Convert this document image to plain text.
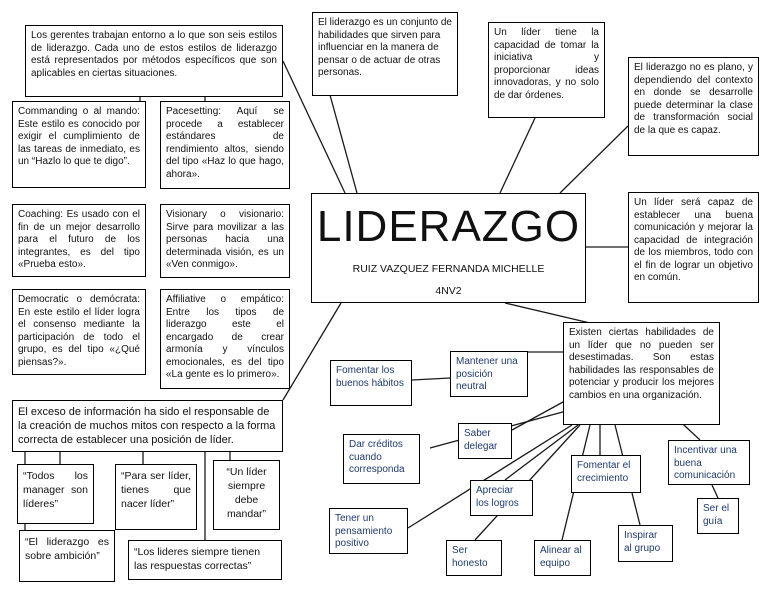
LIDERAZGO
RUIZ VAZQUEZ FERNANDA MICHELLE
4NV2
Los gerentes trabajan entorno a lo que son seis estilos de liderazgo. Cada uno de estos estilos de liderazgo está representados por métodos específicos que son aplicables en ciertas situaciones.
El liderazgo es un conjunto de habilidades que sirven para influenciar en la manera de pensar o de actuar de otras personas.
Un líder tiene la capacidad de tomar la iniciativa y proporcionar ideas innovadoras, y no solo de dar órdenes.
El liderazgo no es plano, y dependiendo del contexto en donde se desarrolle puede determinar la clase de transformación social de la que es capaz.
Un líder será capaz de establecer una buena comunicación y mejorar la capacidad de integración de los miembros, todo con el fin de lograr un objetivo en común.
Commanding o al mando: Este estilo es conocido por exigir el cumplimiento de las tareas de inmediato, es un “Hazlo lo que te digo”.
Pacesetting: Aquí se procede a establecer estándares de rendimiento altos, siendo del tipo «Haz lo que hago, ahora».
Coaching: Es usado con el fin de un mejor desarrollo para el futuro de los integrantes, es del tipo «Prueba esto».
Visionary o visionario: Sirve para movilizar a las personas hacia una determinada visión, es un «Ven conmigo».
Democratic o demócrata: En este estilo el líder logra el consenso mediante la participación de todo el grupo, es del tipo «¿Qué piensas?».
Affiliative o empático: Entre los tipos de liderazgo este el encargado de crear armonía y vínculos emocionales, es del tipo «La gente es lo primero».
El exceso de información ha sido el responsable de la creación de muchos mitos con respecto a la forma correcta de establecer una posición de líder.
“Todos los manager son líderes”
“Para ser líder, tienes que nacer líder”
“Un líder siempre debe mandar”
“El liderazgo es sobre ambición”	“Los lideres siempre tienen las respuestas correctas”
Existen ciertas habilidades de un líder que no pueden ser desestimadas. Son estas habilidades las responsables de potenciar y producir los mejores cambios en una organización.
Mantener una posición neutral
Fomentar los buenos hábitos
Saber delegar
Dar créditos cuando corresponda	Fomentar el crecimiento
Incentivar una buena comunicación
Apreciar los logros
Tener un pensamiento positivo
Ser honesto
Alinear al equipo
Inspirar al grupo
Ser el guía
